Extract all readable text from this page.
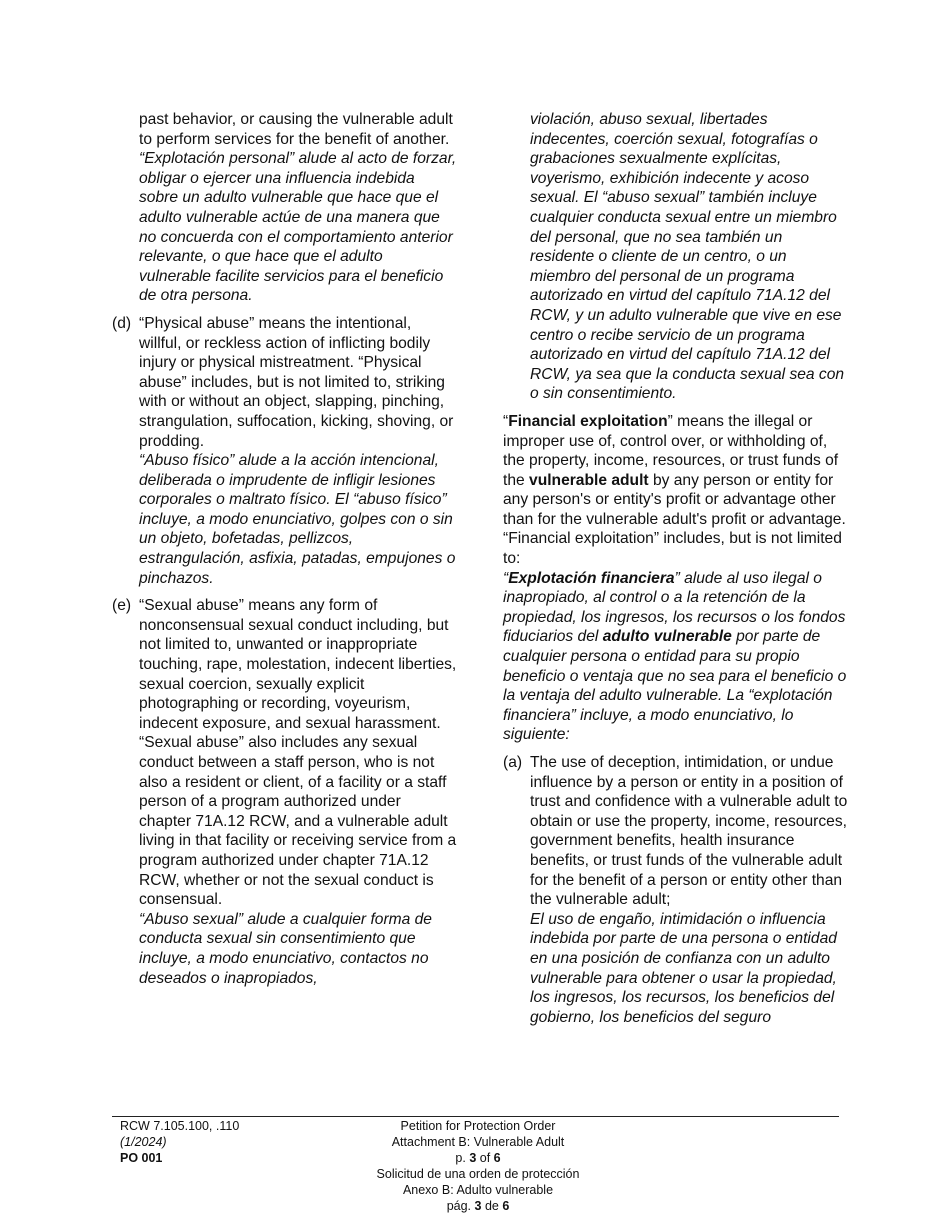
past behavior, or causing the vulnerable adult to perform services for the benefit of another.

“Explotación personal” alude al acto de forzar, obligar o ejercer una influencia indebida sobre un adulto vulnerable que hace que el adulto vulnerable actúe de una manera que no concuerda con el comportamiento anterior relevante, o que hace que el adulto vulnerable facilite servicios para el beneficio de otra persona.

(d) “Physical abuse” means the intentional, willful, or reckless action of inflicting bodily injury or physical mistreatment. “Physical abuse” includes, but is not limited to, striking with or without an object, slapping, pinching, strangulation, suffocation, kicking, shoving, or prodding.

“Abuso físico” alude a la acción intencional, deliberada o imprudente de infligir lesiones corporales o maltrato físico. El “abuso físico” incluye, a modo enunciativo, golpes con o sin un objeto, bofetadas, pellizcos, estrangulación, asfixia, patadas, empujones o pinchazos.

(e) “Sexual abuse” means any form of nonconsensual sexual conduct including, but not limited to, unwanted or inappropriate touching, rape, molestation, indecent liberties, sexual coercion, sexually explicit photographing or recording, voyeurism, indecent exposure, and sexual harassment. “Sexual abuse” also includes any sexual conduct between a staff person, who is not also a resident or client, of a facility or a staff person of a program authorized under chapter 71A.12 RCW, and a vulnerable adult living in that facility or receiving service from a program authorized under chapter 71A.12 RCW, whether or not the sexual conduct is consensual.

“Abuso sexual” alude a cualquier forma de conducta sexual sin consentimiento que incluye, a modo enunciativo, contactos no deseados o inapropiados,

violación, abuso sexual, libertades indecentes, coerción sexual, fotografías o grabaciones sexualmente explícitas, voyerismo, exhibición indecente y acoso sexual. El “abuso sexual” también incluye cualquier conducta sexual entre un miembro del personal, que no sea también un residente o cliente de un centro, o un miembro del personal de un programa autorizado en virtud del capítulo 71A.12 del RCW, y un adulto vulnerable que vive en ese centro o recibe servicio de un programa autorizado en virtud del capítulo 71A.12 del RCW, ya sea que la conducta sexual sea con o sin consentimiento.

“Financial exploitation” means the illegal or improper use of, control over, or withholding of, the property, income, resources, or trust funds of the vulnerable adult by any person or entity for any person's or entity's profit or advantage other than for the vulnerable adult's profit or advantage. “Financial exploitation” includes, but is not limited to:

“Explotación financiera” alude al uso ilegal o inapropiado, al control o a la retención de la propiedad, los ingresos, los recursos o los fondos fiduciarios del adulto vulnerable por parte de cualquier persona o entidad para su propio beneficio o ventaja que no sea para el beneficio o la ventaja del adulto vulnerable. La “explotación financiera” incluye, a modo enunciativo, lo siguiente:

(a) The use of deception, intimidation, or undue influence by a person or entity in a position of trust and confidence with a vulnerable adult to obtain or use the property, income, resources, government benefits, health insurance benefits, or trust funds of the vulnerable adult for the benefit of a person or entity other than the vulnerable adult;

El uso de engaño, intimidación o influencia indebida por parte de una persona o entidad en una posición de confianza con un adulto vulnerable para obtener o usar la propiedad, los ingresos, los recursos, los beneficios del gobierno, los beneficios del seguro

RCW 7.105.100, .110
(1/2024)
PO 001
Petition for Protection Order
Attachment B: Vulnerable Adult
p. 3 of 6
Solicitud de una orden de protección
Anexo B: Adulto vulnerable
pág. 3 de 6
